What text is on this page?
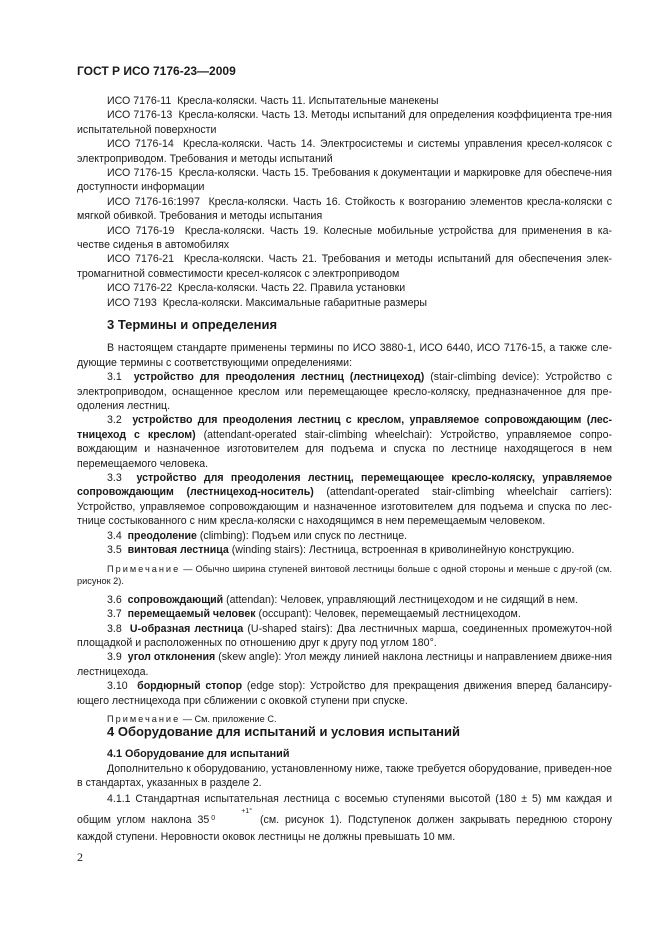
ГОСТ Р ИСО 7176-23—2009

ИСО 7176-11 Кресла-коляски. Часть 11. Испытательные манекены

ИСО 7176-13 Кресла-коляски. Часть 13. Методы испытаний для определения коэффициента тре-ния испытательной поверхности

ИСО 7176-14 Кресла-коляски. Часть 14. Электросистемы и системы управления кресел-колясок с электроприводом. Требования и методы испытаний

ИСО 7176-15 Кресла-коляски. Часть 15. Требования к документации и маркировке для обеспече-ния доступности информации

ИСО 7176-16:1997 Кресла-коляски. Часть 16. Стойкость к возгоранию элементов кресла-коляски с мягкой обивкой. Требования и методы испытания

ИСО 7176-19 Кресла-коляски. Часть 19. Колесные мобильные устройства для применения в ка-честве сиденья в автомобилях

ИСО 7176-21 Кресла-коляски. Часть 21. Требования и методы испытаний для обеспечения элек-тромагнитной совместимости кресел-колясок с электроприводом

ИСО 7176-22 Кресла-коляски. Часть 22. Правила установки

ИСО 7193 Кресла-коляски. Максимальные габаритные размеры

3 Термины и определения

В настоящем стандарте применены термины по ИСО 3880-1, ИСО 6440, ИСО 7176-15, а также сле-дующие термины с соответствующими определениями:

3.1 устройство для преодоления лестниц (лестницеход) (stair-climbing device): Устройство с электроприводом, оснащенное креслом или перемещающее кресло-коляску, предназначенное для пре-одоления лестниц.

3.2 устройство для преодоления лестниц с креслом, управляемое сопровождающим (лес-тницеход с креслом) (attendant-operated stair-climbing wheelchair): Устройство, управляемое сопро-вождающим и назначенное изготовителем для подъема и спуска по лестнице находящегося в нем перемещаемого человека.

3.3 устройство для преодоления лестниц, перемещающее кресло-коляску, управляемое сопровождающим (лестницеход-носитель) (attendant-operated stair-climbing wheelchair carriers): Устройство, управляемое сопровождающим и назначенное изготовителем для подъема и спуска по лес-тнице состыкованного с ним кресла-коляски с находящимся в нем перемещаемым человеком.

3.4 преодоление (climbing): Подъем или спуск по лестнице.

3.5 винтовая лестница (winding stairs): Лестница, встроенная в криволинейную конструкцию.

Примечание — Обычно ширина ступеней винтовой лестницы больше с одной стороны и меньше с дру-гой (см. рисунок 2).

3.6 сопровождающий (attendan): Человек, управляющий лестницеходом и не сидящий в нем.

3.7 перемещаемый человек (occupant): Человек, перемещаемый лестницеходом.

3.8 U-образная лестница (U-shaped stairs): Два лестничных марша, соединенных промежуточ-ной площадкой и расположенных по отношению друг к другу под углом 180°.

3.9 угол отклонения (skew angle): Угол между линией наклона лестницы и направлением движе-ния лестницехода.

3.10 бордюрный стопор (edge stop): Устройство для прекращения движения вперед балансиру-ющего лестницехода при сближении с оковкой ступени при спуске.

Примечание — См. приложение С.

4 Оборудование для испытаний и условия испытаний

4.1 Оборудование для испытаний

Дополнительно к оборудованию, установленному ниже, также требуется оборудование, приведен-ное в стандартах, указанных в разделе 2.

4.1.1 Стандартная испытательная лестница с восемью ступенями высотой (180 ± 5) мм каждая и общим углом наклона 35+1°
0	(см. рисунок 1). Подступенок должен закрывать переднюю сторону каждой ступени. Неровности оковок лестницы не должны превышать 10 мм.

2
